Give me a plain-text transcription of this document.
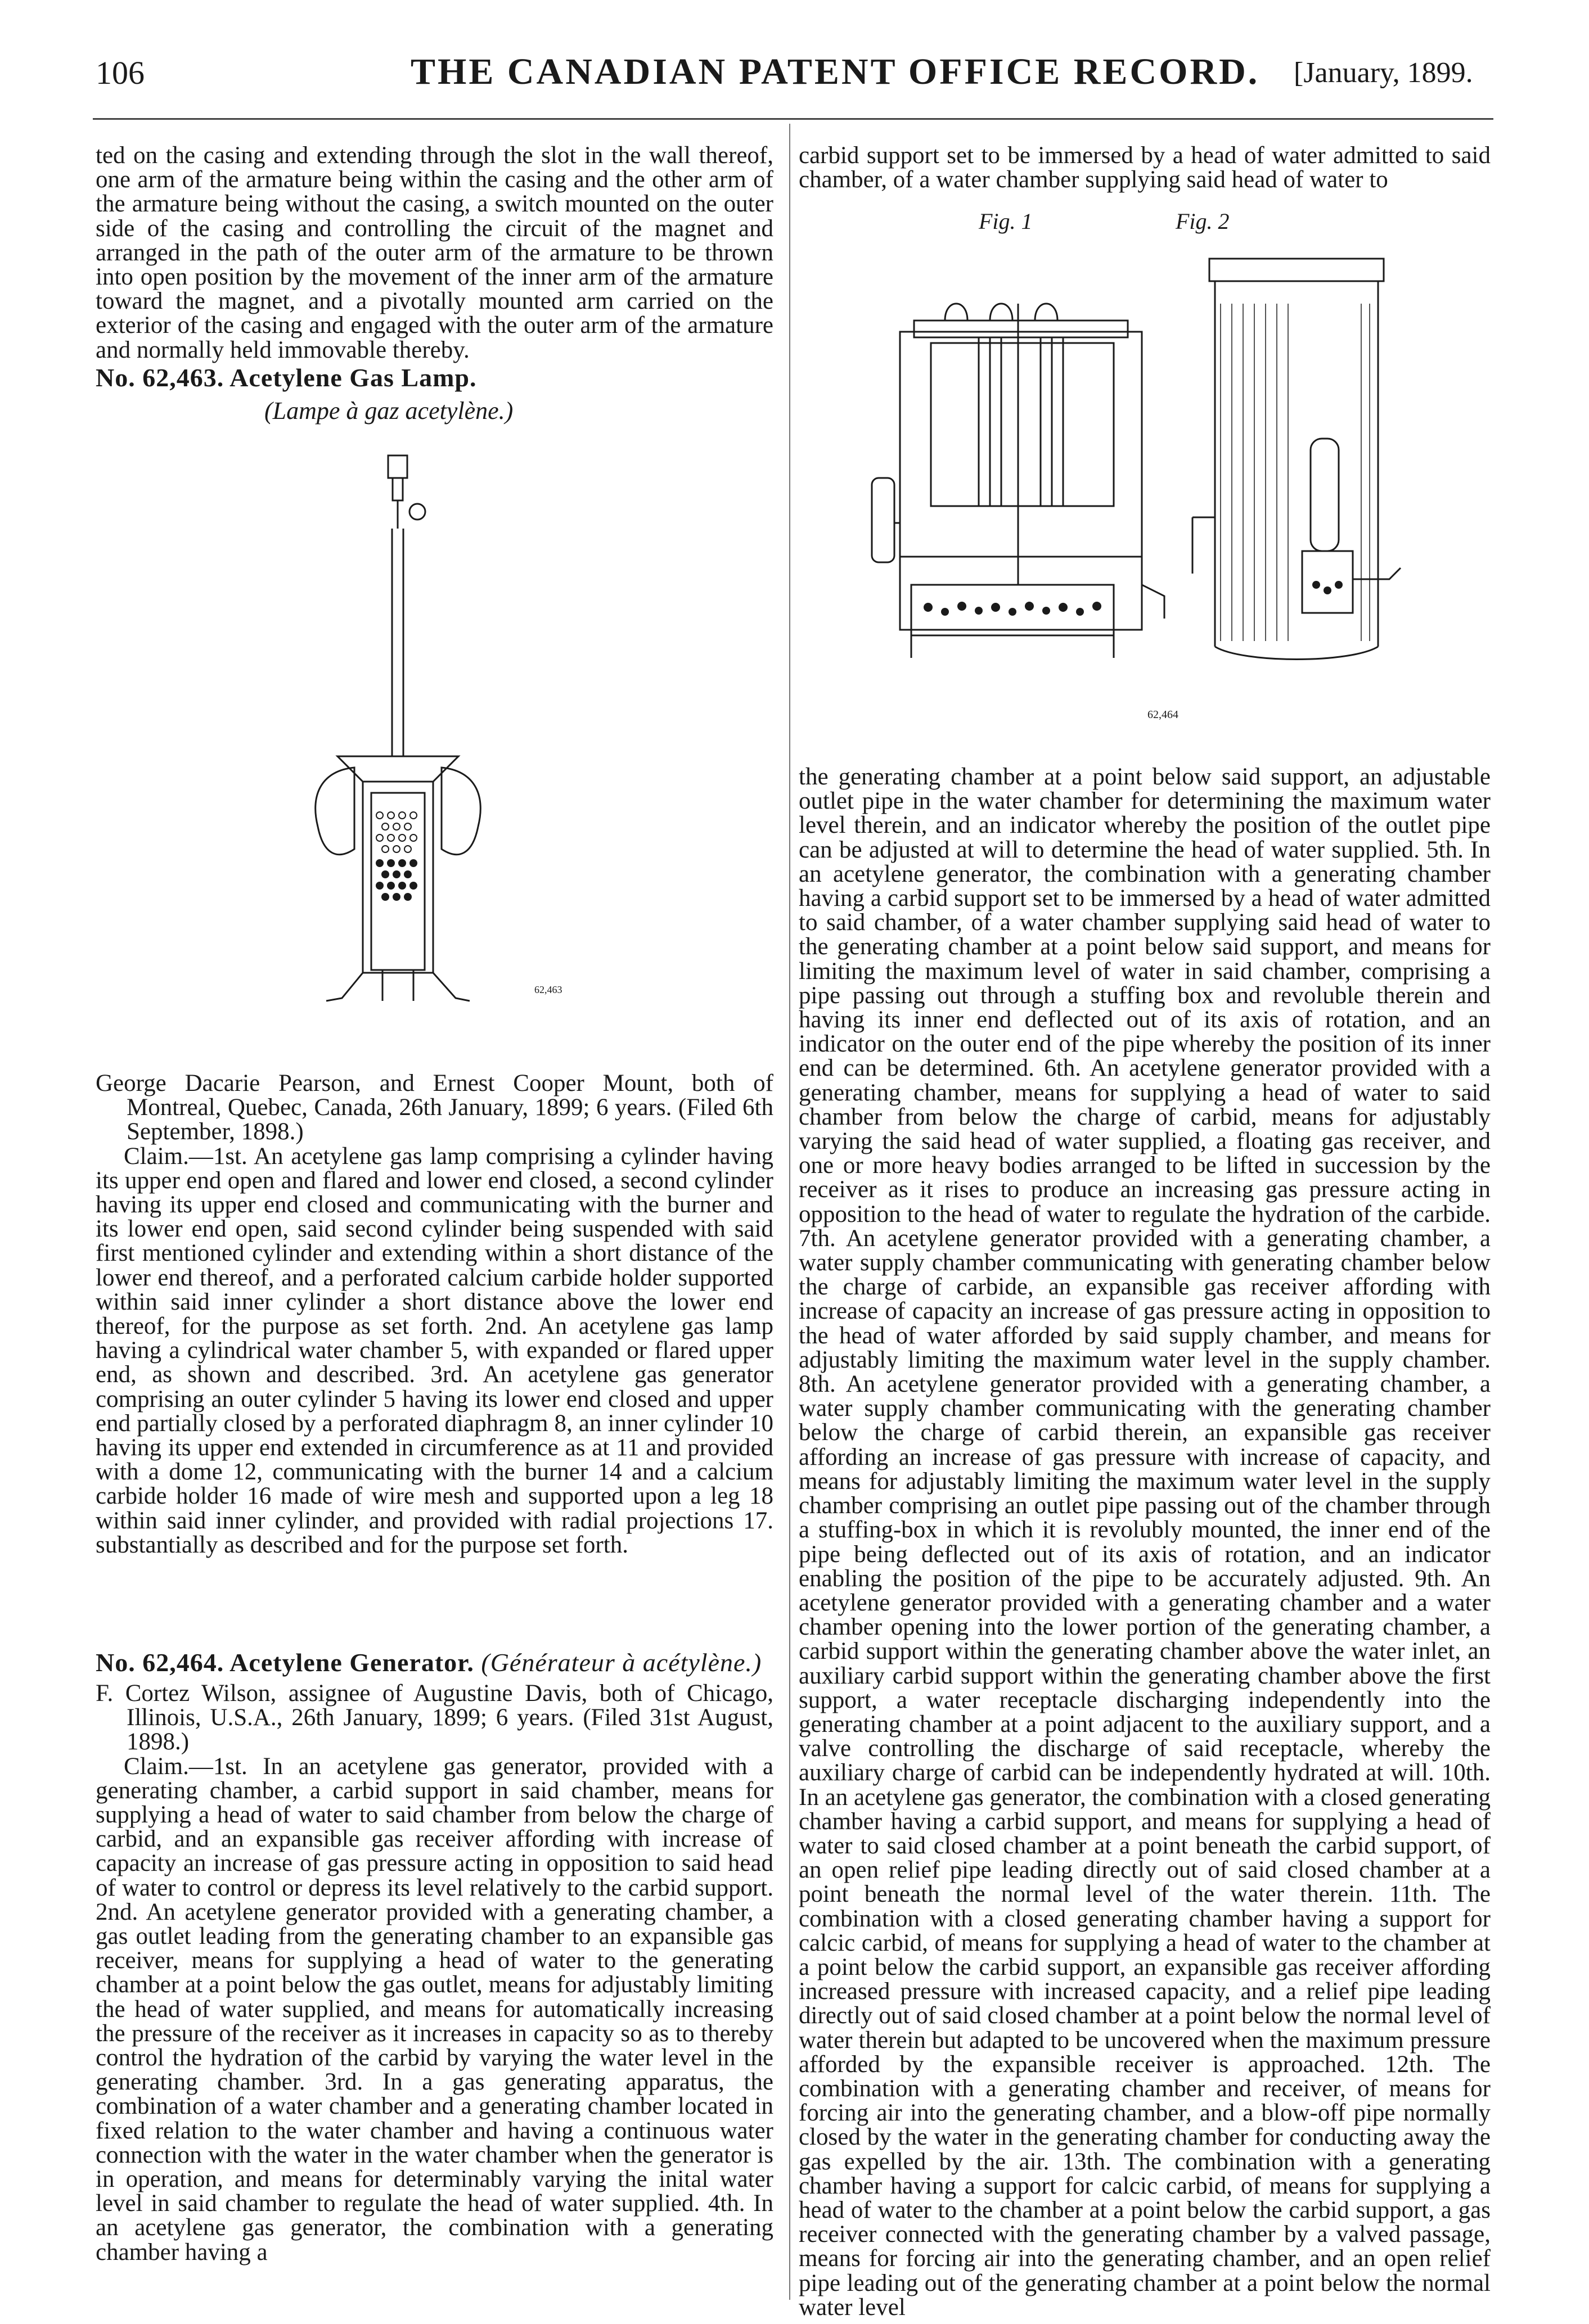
106	THE CANADIAN PATENT OFFICE RECORD. [January, 1899.

ted on the casing and extending through the slot in the wall thereof, one arm of the armature being within the casing and the other arm of the armature being without the casing, a switch mounted on the outer side of the casing and controlling the circuit of the magnet and arranged in the path of the outer arm of the armature to be thrown into open position by the movement of the inner arm of the armature toward the magnet, and a pivotally mounted arm carried on the exterior of the casing and engaged with the outer arm of the armature and normally held immovable thereby.

No. 62,463. Acetylene Gas Lamp.
(Lampe à gaz acetylène.)
62,463

George Dacarie Pearson, and Ernest Cooper Mount, both of Montreal, Quebec, Canada, 26th January, 1899; 6 years. (Filed 6th September, 1898.)

Claim.—1st. An acetylene gas lamp comprising a cylinder having its upper end open and flared and lower end closed, a second cylinder having its upper end closed and communicating with the burner and its lower end open, said second cylinder being suspended with said first mentioned cylinder and extending within a short distance of the lower end thereof, and a perforated calcium carbide holder supported within said inner cylinder a short distance above the lower end thereof, for the purpose as set forth. 2nd. An acetylene gas lamp having a cylindrical water chamber 5, with expanded or flared upper end, as shown and described. 3rd. An acetylene gas generator comprising an outer cylinder 5 having its lower end closed and upper end partially closed by a perforated diaphragm 8, an inner cylinder 10 having its upper end extended in circumference as at 11 and provided with a dome 12, communicating with the burner 14 and a calcium carbide holder 16 made of wire mesh and supported upon a leg 18 within said inner cylinder, and provided with radial projections 17. substantially as described and for the purpose set forth.

No. 62,464. Acetylene Generator. (Générateur à acétylène.)

F. Cortez Wilson, assignee of Augustine Davis, both of Chicago, Illinois, U.S.A., 26th January, 1899; 6 years. (Filed 31st August, 1898.)

Claim.—1st. In an acetylene gas generator, provided with a generating chamber, a carbid support in said chamber, means for supplying a head of water to said chamber from below the charge of carbid, and an expansible gas receiver affording with increase of capacity an increase of gas pressure acting in opposition to said head of water to control or depress its level relatively to the carbid support. 2nd. An acetylene generator provided with a generating chamber, a gas outlet leading from the generating chamber to an expansible gas receiver, means for supplying a head of water to the generating chamber at a point below the gas outlet, means for adjustably limiting the head of water supplied, and means for automatically increasing the pressure of the receiver as it increases in capacity so as to thereby control the hydration of the carbid by varying the water level in the generating chamber. 3rd. In a gas generating apparatus, the combination of a water chamber and a generating chamber located in fixed relation to the water chamber and having a continuous water connection with the water in the water chamber when the generator is in operation, and means for determinably varying the inital water level in said chamber to regulate the head of water supplied. 4th. In an acetylene gas generator, the combination with a generating chamber having a

carbid support set to be immersed by a head of water admitted to said chamber, of a water chamber supplying said head of water to

Fig. 1	Fig. 2
62,464

the generating chamber at a point below said support, an adjustable outlet pipe in the water chamber for determining the maximum water level therein, and an indicator whereby the position of the outlet pipe can be adjusted at will to determine the head of water supplied. 5th. In an acetylene generator, the combination with a generating chamber having a carbid support set to be immersed by a head of water admitted to said chamber, of a water chamber supplying said head of water to the generating chamber at a point below said support, and means for limiting the maximum level of water in said chamber, comprising a pipe passing out through a stuffing box and revoluble therein and having its inner end deflected out of its axis of rotation, and an indicator on the outer end of the pipe whereby the position of its inner end can be determined. 6th. An acetylene generator provided with a generating chamber, means for supplying a head of water to said chamber from below the charge of carbid, means for adjustably varying the said head of water supplied, a floating gas receiver, and one or more heavy bodies arranged to be lifted in succession by the receiver as it rises to produce an increasing gas pressure acting in opposition to the head of water to regulate the hydration of the carbide. 7th. An acetylene generator provided with a generating chamber, a water supply chamber communicating with generating chamber below the charge of carbide, an expansible gas receiver affording with increase of capacity an increase of gas pressure acting in opposition to the head of water afforded by said supply chamber, and means for adjustably limiting the maximum water level in the supply chamber. 8th. An acetylene generator provided with a generating chamber, a water supply chamber communicating with the generating chamber below the charge of carbid therein, an expansible gas receiver affording an increase of gas pressure with increase of capacity, and means for adjustably limiting the maximum water level in the supply chamber comprising an outlet pipe passing out of the chamber through a stuffing-box in which it is revolubly mounted, the inner end of the pipe being deflected out of its axis of rotation, and an indicator enabling the position of the pipe to be accurately adjusted. 9th. An acetylene generator provided with a generating chamber and a water chamber opening into the lower portion of the generating chamber, a carbid support within the generating chamber above the water inlet, an auxiliary carbid support within the generating chamber above the first support, a water receptacle discharging independently into the generating chamber at a point adjacent to the auxiliary support, and a valve controlling the discharge of said receptacle, whereby the auxiliary charge of carbid can be independently hydrated at will. 10th. In an acetylene gas generator, the combination with a closed generating chamber having a carbid support, and means for supplying a head of water to said closed chamber at a point beneath the carbid support, of an open relief pipe leading directly out of said closed chamber at a point beneath the normal level of the water therein. 11th. The combination with a closed generating chamber having a support for calcic carbid, of means for supplying a head of water to the chamber at a point below the carbid support, an expansible gas receiver affording increased pressure with increased capacity, and a relief pipe leading directly out of said closed chamber at a point below the normal level of water therein but adapted to be uncovered when the maximum pressure afforded by the expansible receiver is approached. 12th. The combination with a generating chamber and receiver, of means for forcing air into the generating chamber, and a blow-off pipe normally closed by the water in the generating chamber for conducting away the gas expelled by the air. 13th. The combination with a generating chamber having a support for calcic carbid, of means for supplying a head of water to the chamber at a point below the carbid support, a gas receiver connected with the generating chamber by a valved passage, means for forcing air into the generating chamber, and an open relief pipe leading out of the generating chamber at a point below the normal water level
